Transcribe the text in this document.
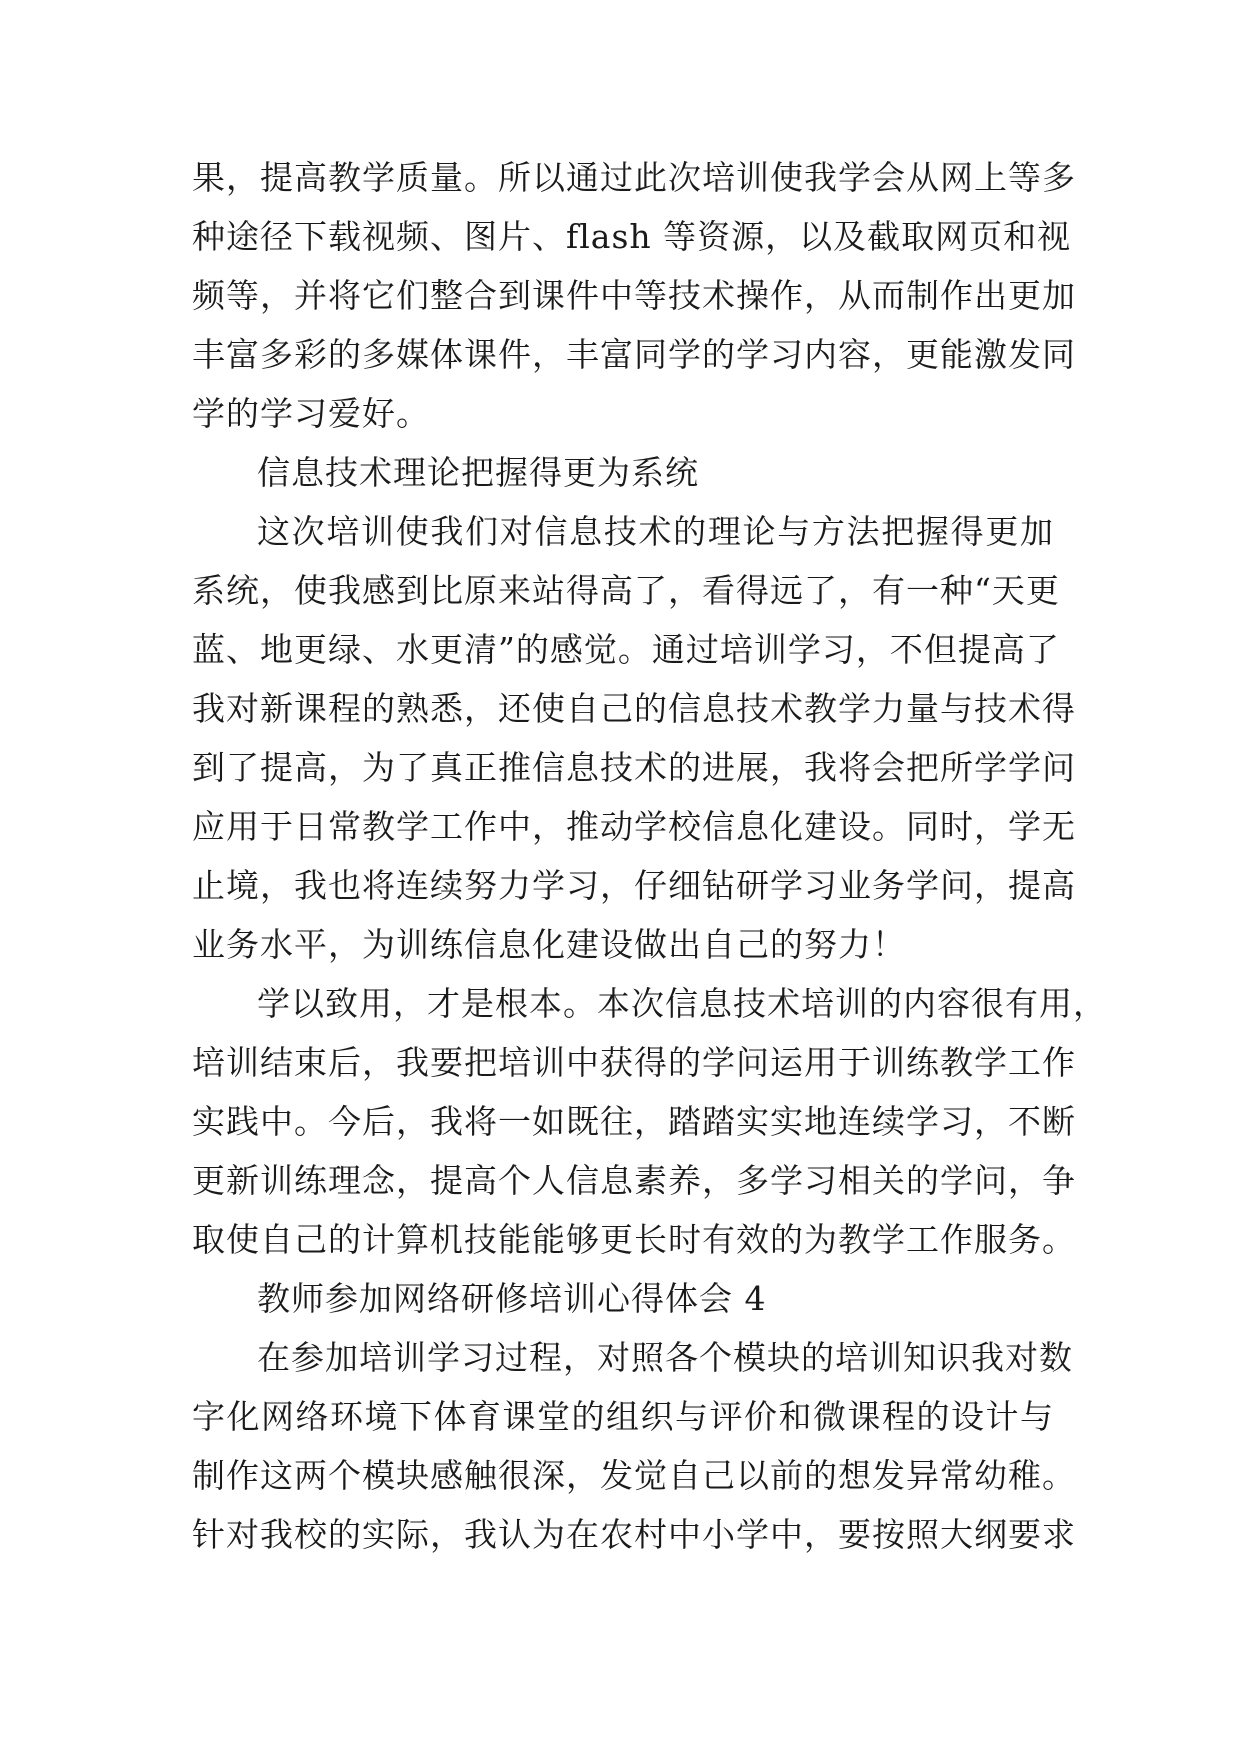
果，提高教学质量。所以通过此次培训使我学会从网上等多
种途径下载视频、图片、flash 等资源，以及截取网页和视
频等，并将它们整合到课件中等技术操作，从而制作出更加
丰富多彩的多媒体课件，丰富同学的学习内容，更能激发同
学的学习爱好。
信息技术理论把握得更为系统
这次培训使我们对信息技术的理论与方法把握得更加
系统，使我感到比原来站得高了，看得远了，有一种“天更
蓝、地更绿、水更清”的感觉。通过培训学习，不但提高了
我对新课程的熟悉，还使自己的信息技术教学力量与技术得
到了提高，为了真正推信息技术的进展，我将会把所学学问
应用于日常教学工作中，推动学校信息化建设。同时，学无
止境，我也将连续努力学习，仔细钻研学习业务学问，提高
业务水平，为训练信息化建设做出自己的努力！
学以致用，才是根本。本次信息技术培训的内容很有用，
培训结束后，我要把培训中获得的学问运用于训练教学工作
实践中。今后，我将一如既往，踏踏实实地连续学习，不断
更新训练理念，提高个人信息素养，多学习相关的学问，争
取使自己的计算机技能能够更长时有效的为教学工作服务。
教师参加网络研修培训心得体会 4
在参加培训学习过程，对照各个模块的培训知识我对数
字化网络环境下体育课堂的组织与评价和微课程的设计与
制作这两个模块感触很深，发觉自己以前的想发异常幼稚。
针对我校的实际，我认为在农村中小学中，要按照大纲要求
